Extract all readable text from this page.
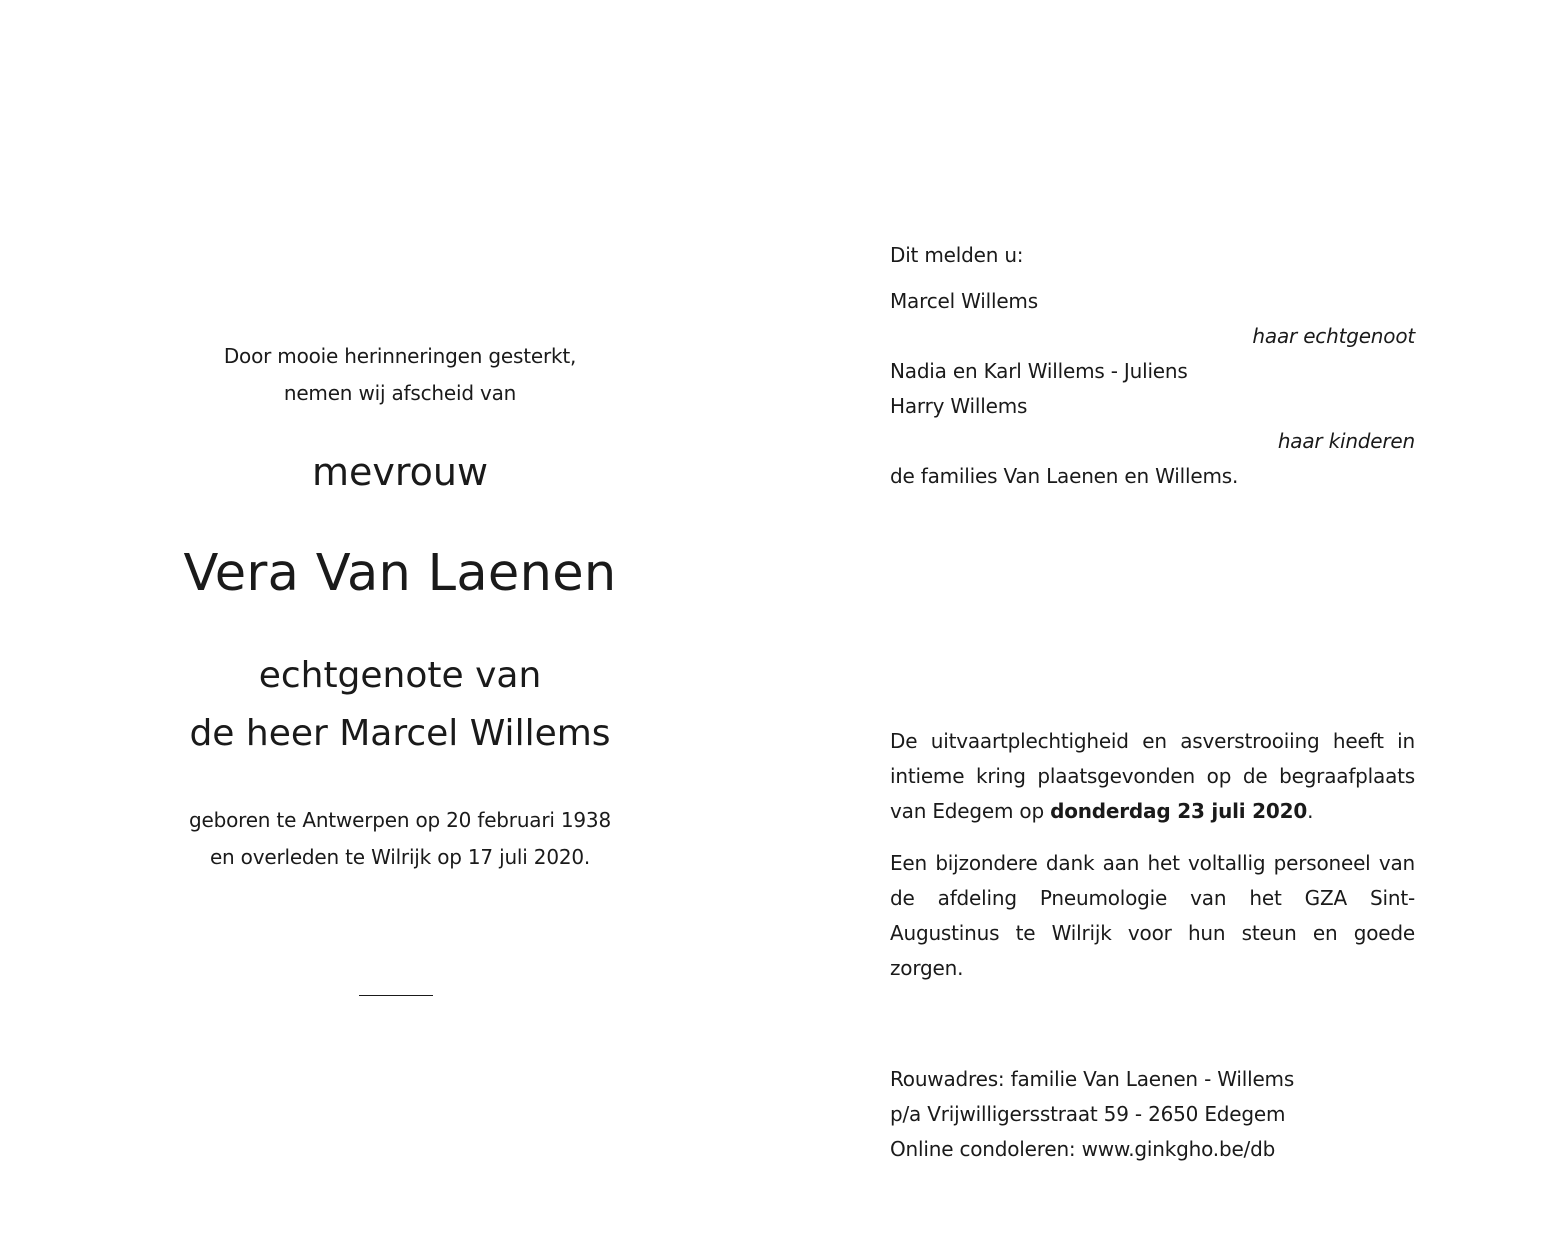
Door mooie herinneringen gesterkt,
nemen wij afscheid van
mevrouw
Vera Van Laenen
echtgenote van
de heer Marcel Willems
geboren te Antwerpen op 20 februari 1938
en overleden te Wilrijk op 17 juli 2020.
Dit melden u:
Marcel Willems
haar echtgenoot
Nadia en Karl Willems - Juliens
Harry Willems
haar kinderen
de families Van Laenen en Willems.
De uitvaartplechtigheid en asverstrooiing heeft in intieme kring plaatsgevonden op de begraafplaats van Edegem op donderdag 23 juli 2020.
Een bijzondere dank aan het voltallig personeel van de afdeling Pneumologie van het GZA Sint-Augustinus te Wilrijk voor hun steun en goede zorgen.
Rouwadres: familie Van Laenen - Willems
p/a Vrijwilligersstraat 59 - 2650 Edegem
Online condoleren: www.ginkgho.be/db
